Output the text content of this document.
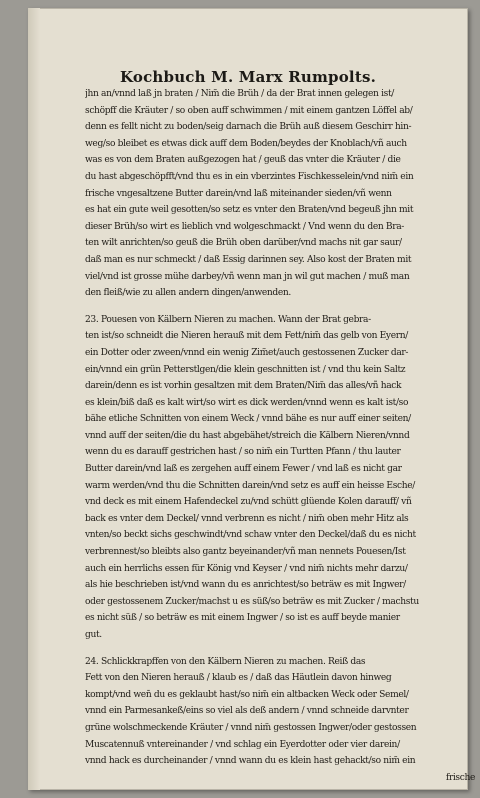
Kochbuch M. Marx Rumpolts.
jhn an/vnnd laß jn braten / Nim̃ die Brüh / da der Brat innen gelegen ist/
schöpff die Kräuter / so oben auff schwimmen / mit einem gantzen Löffel ab/
denn es fellt nicht zu boden/seig darnach die Brüh auß diesem Geschirr hin-
weg/so bleibet es etwas dick auff dem Boden/beydes der Knoblach/vñ auch
was es von dem Braten außgezogen hat / geuß das vnter die Kräuter / die
du hast abgeschöpfft/vnd thu es in ein vberzintes Fischkesselein/vnd nim̃ ein
frische vngesaltzene Butter darein/vnd laß miteinander sieden/vñ wenn
es hat ein gute weil gesotten/so setz es vnter den Braten/vnd begeuß jhn mit
dieser Brüh/so wirt es lieblich vnd wolgeschmackt / Vnd wenn du den Bra-
ten wilt anrichten/so geuß die Brüh oben darüber/vnd machs nit gar saur/
daß man es nur schmeckt / daß Essig darinnen sey. Also kost der Braten mit
viel/vnd ist grosse mühe darbey/vñ wenn man jn wil gut machen / muß man
den fleiß/wie zu allen andern dingen/anwenden.
23. Pouesen von Kälbern Nieren zu machen. Wann der Brat gebra-
ten ist/so schneidt die Nieren herauß mit dem Fett/nim̃ das gelb von Eyern/
ein Dotter oder zween/vnnd ein wenig Zim̃et/auch gestossenen Zucker dar-
ein/vnnd ein grün Petterstlgen/die klein geschnitten ist / vnd thu kein Saltz
darein/denn es ist vorhin gesaltzen mit dem Braten/Nim̃ das alles/vñ hack
es klein/biß daß es kalt wirt/so wirt es dick werden/vnnd wenn es kalt ist/so
bähe etliche Schnitten von einem Weck / vnnd bähe es nur auff einer seiten/
vnnd auff der seiten/die du hast abgebähet/streich die Kälbern Nieren/vnnd
wenn du es darauff gestrichen hast / so nim̃ ein Turtten Pfann / thu lauter
Butter darein/vnd laß es zergehen auff einem Fewer / vnd laß es nicht gar
warm werden/vnd thu die Schnitten darein/vnd setz es auff ein heisse Esche/
vnd deck es mit einem Hafendeckel zu/vnd schütt glüende Kolen darauff/ vñ
back es vnter dem Deckel/ vnnd verbrenn es nicht / nim̃ oben mehr Hitz als
vnten/so beckt sichs geschwindt/vnd schaw vnter den Deckel/daß du es nicht
verbrennest/so bleibts also gantz beyeinander/vñ man nennets Pouesen/Ist
auch ein herrlichs essen für König vnd Keyser / vnd nim̃ nichts mehr darzu/
als hie beschrieben ist/vnd wann du es anrichtest/so beträw es mit Ingwer/
oder gestossenem Zucker/machst u es süß/so beträw es mit Zucker / machstu
es nicht süß / so beträw es mit einem Ingwer / so ist es auff beyde manier
gut.
24. Schlickkrapffen von den Kälbern Nieren zu machen. Reiß das
Fett von den Nieren herauß / klaub es / daß das Häutlein davon hinweg
kompt/vnd wen̄ du es geklaubt hast/so nim̃ ein altbacken Weck oder Semel/
vnnd ein Parmesankeß/eins so viel als deß andern / vnnd schneide darvnter
grüne wolschmeckende Kräuter / vnnd nim̃ gestossen Ingwer/oder gestossen
Muscatennuß vntereinander / vnd schlag ein Eyerdotter oder vier darein/
vnnd hack es durcheinander / vnnd wann du es klein hast gehackt/so nim̃ ein
frische
